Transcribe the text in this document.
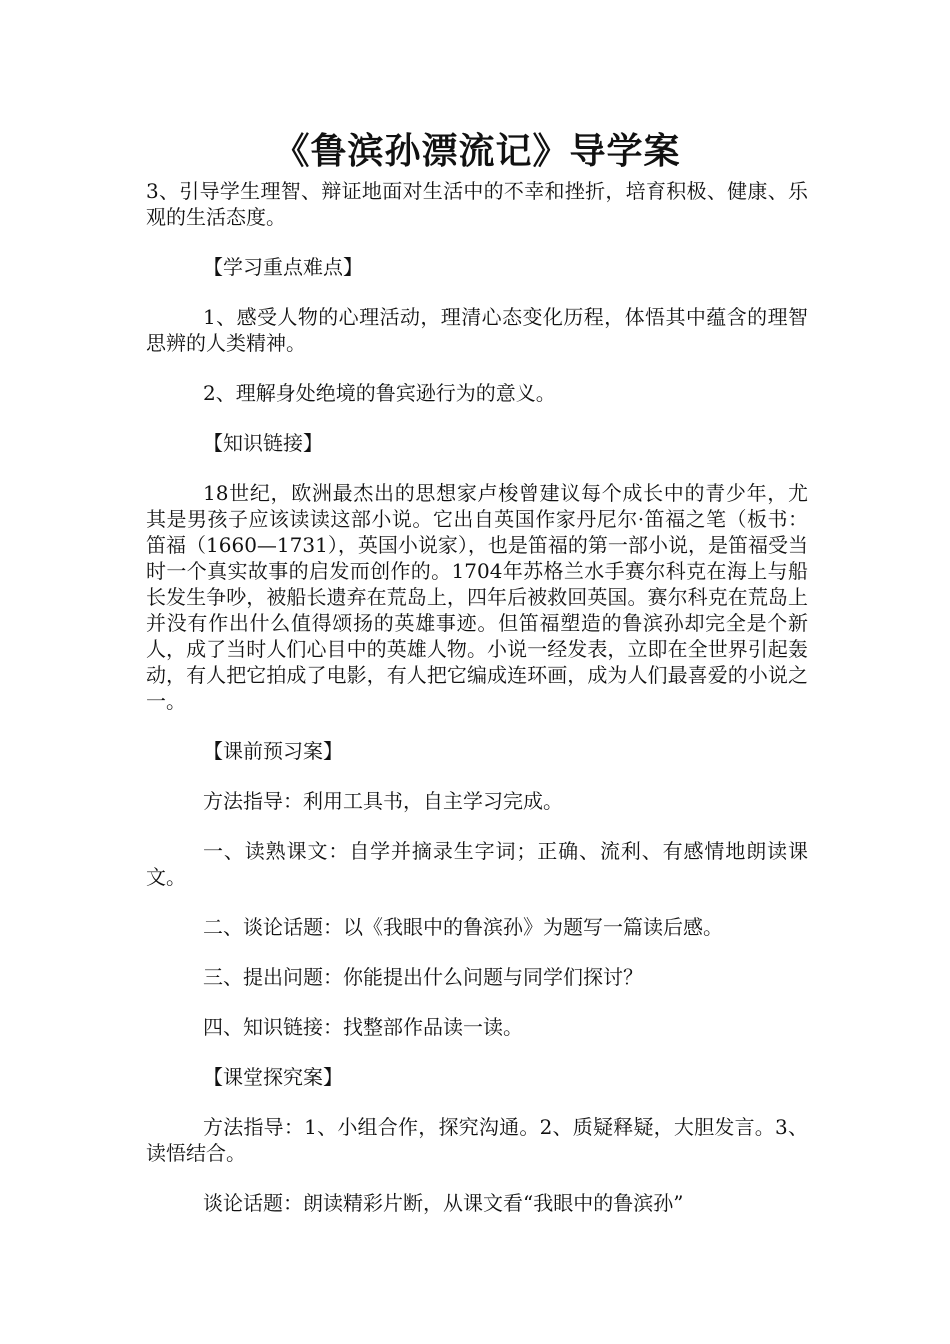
《鲁滨孙漂流记》导学案

3、引导学生理智、辩证地面对生活中的不幸和挫折，培育积极、健康、乐观的生活态度。

【学习重点难点】

1、感受人物的心理活动，理清心态变化历程，体悟其中蕴含的理智思辨的人类精神。

2、理解身处绝境的鲁宾逊行为的意义。

【知识链接】

18世纪，欧洲最杰出的思想家卢梭曾建议每个成长中的青少年，尤其是男孩子应该读读这部小说。它出自英国作家丹尼尔·笛福之笔（板书：笛福（1660—1731），英国小说家），也是笛福的第一部小说，是笛福受当时一个真实故事的启发而创作的。1704年苏格兰水手赛尔科克在海上与船长发生争吵，被船长遗弃在荒岛上，四年后被救回英国。赛尔科克在荒岛上并没有作出什么值得颂扬的英雄事迹。但笛福塑造的鲁滨孙却完全是个新人，成了当时人们心目中的英雄人物。小说一经发表，立即在全世界引起轰动，有人把它拍成了电影，有人把它编成连环画，成为人们最喜爱的小说之一。

【课前预习案】

方法指导：利用工具书，自主学习完成。

一、读熟课文：自学并摘录生字词；正确、流利、有感情地朗读课文。

二、谈论话题：以《我眼中的鲁滨孙》为题写一篇读后感。

三、提出问题：你能提出什么问题与同学们探讨？

四、知识链接：找整部作品读一读。

【课堂探究案】

方法指导：1、小组合作，探究沟通。2、质疑释疑，大胆发言。3、读悟结合。

谈论话题：朗读精彩片断，从课文看“我眼中的鲁滨孙”
